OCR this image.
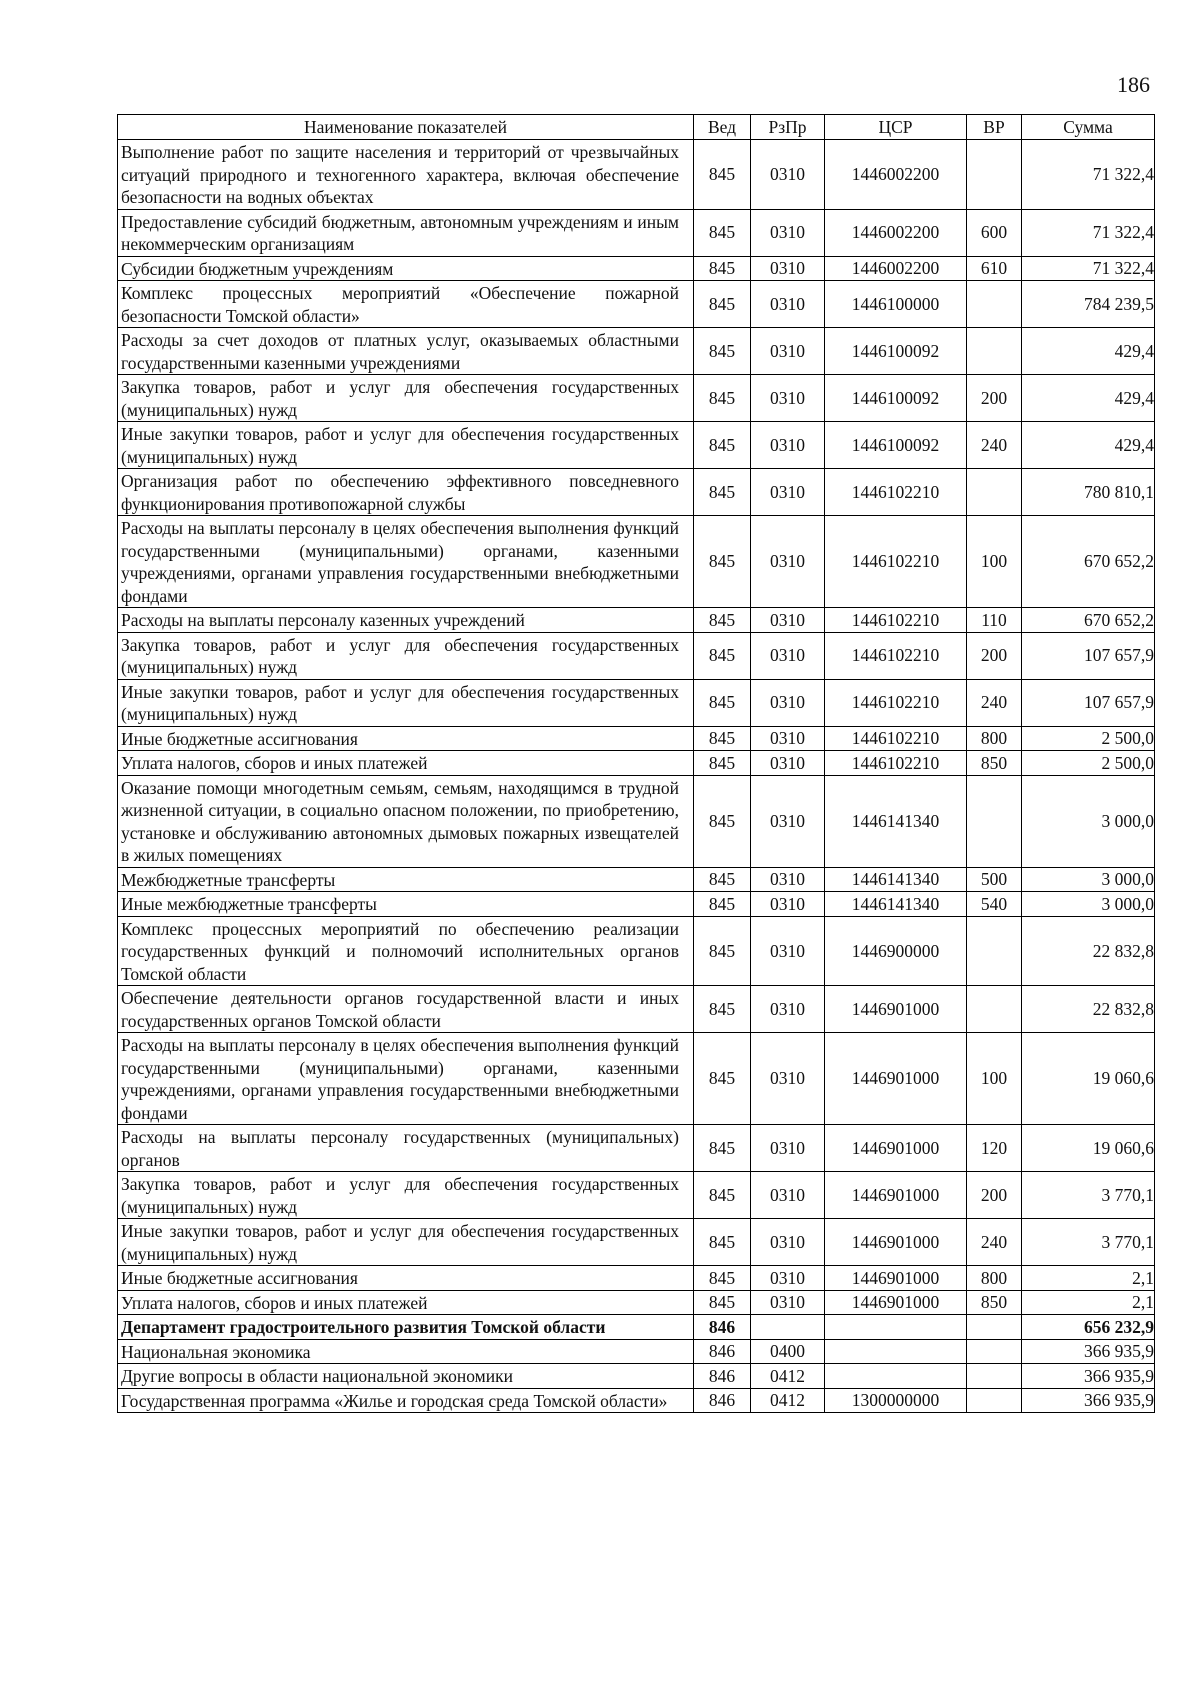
186
Наименование показателей	Вед	РзПр	ЦСР	ВР	Сумма
Выполнение работ по защите населения и территорий от чрезвычайных ситуаций природного и техногенного характера, включая обеспечение безопасности на водных объектах	845	0310	1446002200		71 322,4
Предоставление субсидий бюджетным, автономным учреждениям и иным некоммерческим организациям	845	0310	1446002200	600	71 322,4
Субсидии бюджетным учреждениям	845	0310	1446002200	610	71 322,4
Комплекс процессных мероприятий «Обеспечение пожарной безопасности Томской области»	845	0310	1446100000		784 239,5
Расходы за счет доходов от платных услуг, оказываемых областными государственными казенными учреждениями	845	0310	1446100092		429,4
Закупка товаров, работ и услуг для обеспечения государственных (муниципальных) нужд	845	0310	1446100092	200	429,4
Иные закупки товаров, работ и услуг для обеспечения государственных (муниципальных) нужд	845	0310	1446100092	240	429,4
Организация работ по обеспечению эффективного повседневного функционирования противопожарной службы	845	0310	1446102210		780 810,1
Расходы на выплаты персоналу в целях обеспечения выполнения функций государственными (муниципальными) органами, казенными учреждениями, органами управления государственными внебюджетными фондами	845	0310	1446102210	100	670 652,2
Расходы на выплаты персоналу казенных учреждений	845	0310	1446102210	110	670 652,2
Закупка товаров, работ и услуг для обеспечения государственных (муниципальных) нужд	845	0310	1446102210	200	107 657,9
Иные закупки товаров, работ и услуг для обеспечения государственных (муниципальных) нужд	845	0310	1446102210	240	107 657,9
Иные бюджетные ассигнования	845	0310	1446102210	800	2 500,0
Уплата налогов, сборов и иных платежей	845	0310	1446102210	850	2 500,0
Оказание помощи многодетным семьям, семьям, находящимся в трудной жизненной ситуации, в социально опасном положении, по приобретению, установке и обслуживанию автономных дымовых пожарных извещателей в жилых помещениях	845	0310	1446141340		3 000,0
Межбюджетные трансферты	845	0310	1446141340	500	3 000,0
Иные межбюджетные трансферты	845	0310	1446141340	540	3 000,0
Комплекс процессных мероприятий по обеспечению реализации государственных функций и полномочий исполнительных органов Томской области	845	0310	1446900000		22 832,8
Обеспечение деятельности органов государственной власти и иных государственных органов Томской области	845	0310	1446901000		22 832,8
Расходы на выплаты персоналу в целях обеспечения выполнения функций государственными (муниципальными) органами, казенными учреждениями, органами управления государственными внебюджетными фондами	845	0310	1446901000	100	19 060,6
Расходы на выплаты персоналу государственных (муниципальных) органов	845	0310	1446901000	120	19 060,6
Закупка товаров, работ и услуг для обеспечения государственных (муниципальных) нужд	845	0310	1446901000	200	3 770,1
Иные закупки товаров, работ и услуг для обеспечения государственных (муниципальных) нужд	845	0310	1446901000	240	3 770,1
Иные бюджетные ассигнования	845	0310	1446901000	800	2,1
Уплата налогов, сборов и иных платежей	845	0310	1446901000	850	2,1
Департамент градостроительного развития Томской области	846				656 232,9
Национальная экономика	846	0400			366 935,9
Другие вопросы в области национальной экономики	846	0412			366 935,9
Государственная программа «Жилье и городская среда Томской области»	846	0412	1300000000		366 935,9
